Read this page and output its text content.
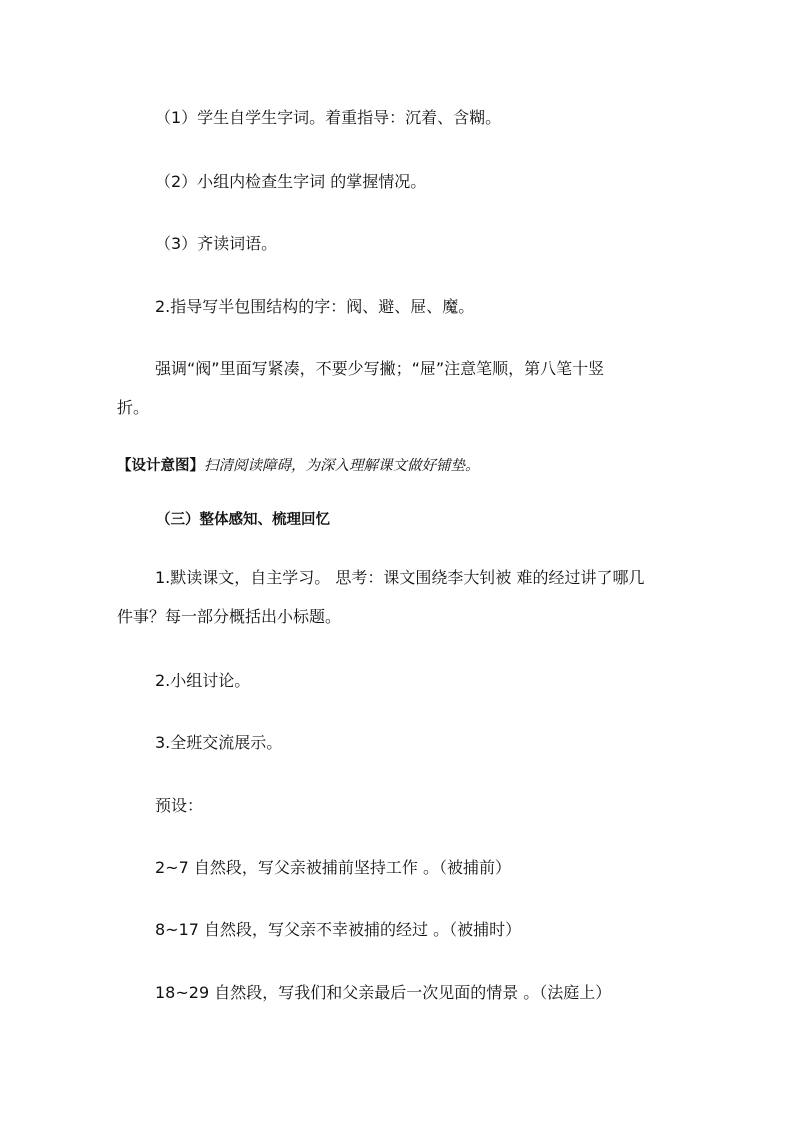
（1）学生自学生字词。着重指导：沉着、含糊。
（2）小组内检查生字词 的掌握情况。
（3）齐读词语。
2.指导写半包围结构的字：阀、避、屉、魔。
强调“阀”里面写紧凑，不要少写撇；“屉”注意笔顺，第八笔十竖
折。
【设计意图】扫清阅读障碍，为深入理解课文做好铺垫。
（三）整体感知、梳理回忆
1.默读课文，自主学习。 思考：课文围绕李大钊被 难的经过讲了哪几
件事？每一部分概括出小标题。
2.小组讨论。
3.全班交流展示。
预设：
2~7 自然段，写父亲被捕前坚持工作 。（被捕前）
8~17 自然段，写父亲不幸被捕的经过 。（被捕时）
18~29 自然段，写我们和父亲最后一次见面的情景 。（法庭上）
